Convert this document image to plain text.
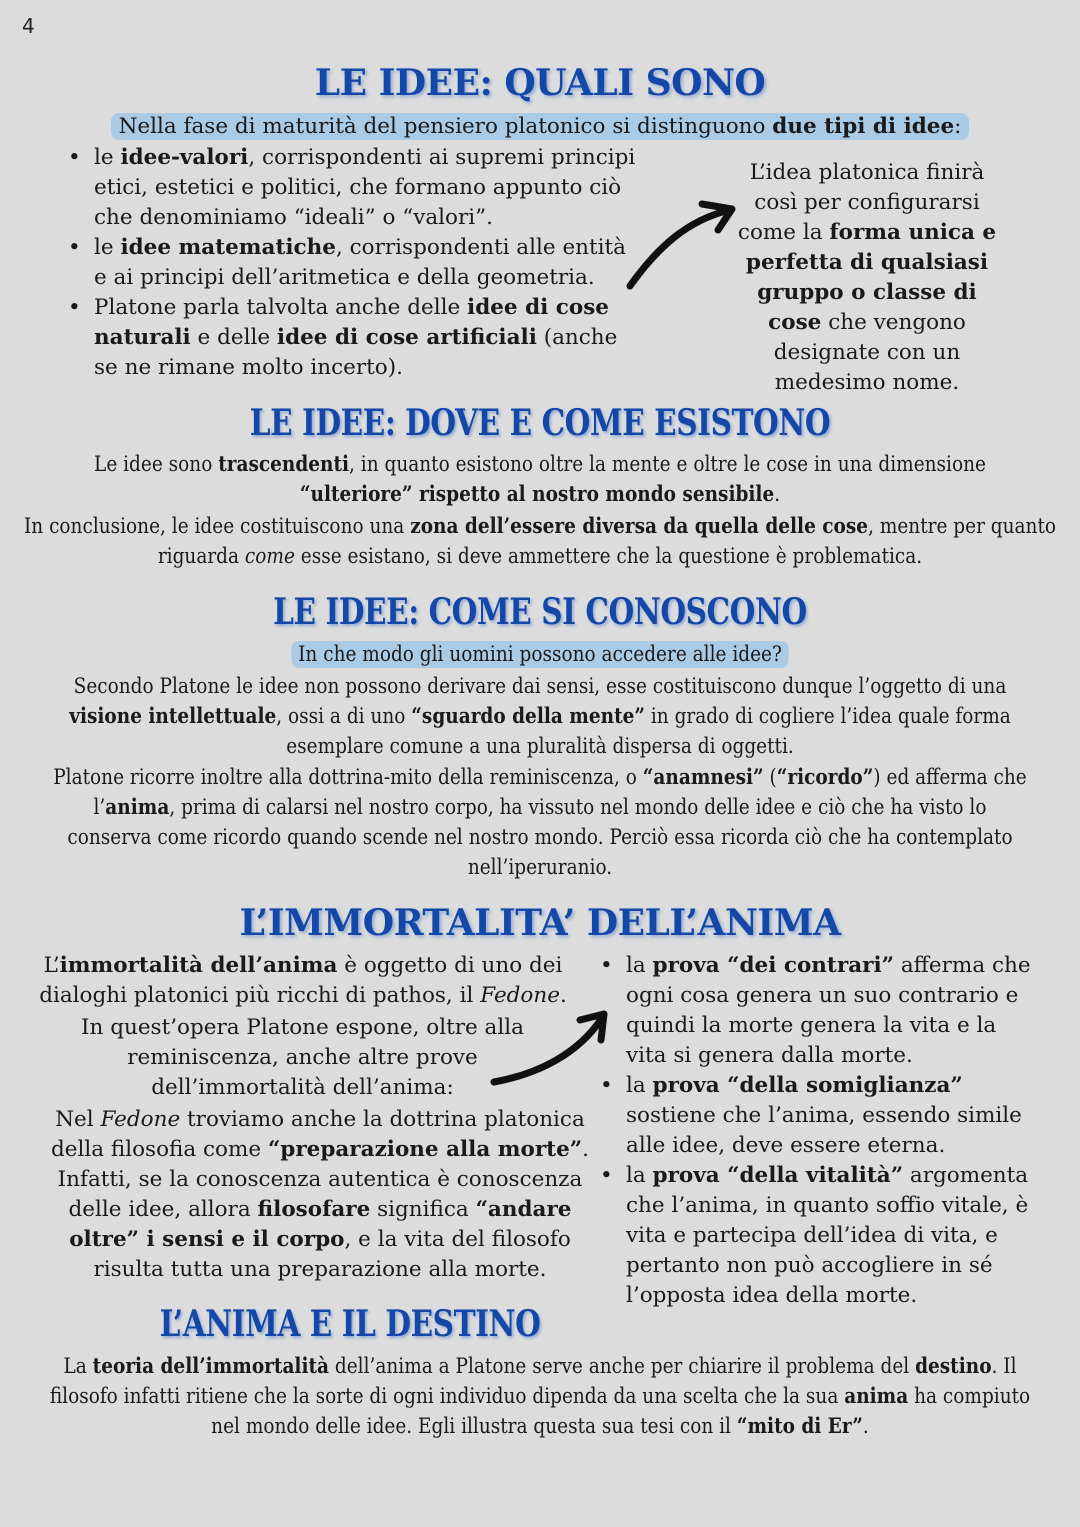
4
LE IDEE: QUALI SONO
Nella fase di maturità del pensiero platonico si distinguono due tipi di idee:
• le idee-valori, corrispondenti ai supremi principi etici, estetici e politici, che formano appunto ciò che denominiamo “ideali” o “valori”.
• le idee matematiche, corrispondenti alle entità e ai principi dell’aritmetica e della geometria.
• Platone parla talvolta anche delle idee di cose naturali e delle idee di cose artificiali (anche se ne rimane molto incerto).
L’idea platonica finirà così per configurarsi come la forma unica e perfetta di qualsiasi gruppo o classe di cose che vengono designate con un medesimo nome.
LE IDEE: DOVE E COME ESISTONO
Le idee sono trascendenti, in quanto esistono oltre la mente e oltre le cose in una dimensione “ulteriore” rispetto al nostro mondo sensibile.
In conclusione, le idee costituiscono una zona dell’essere diversa da quella delle cose, mentre per quanto riguarda come esse esistano, si deve ammettere che la questione è problematica.
LE IDEE: COME SI CONOSCONO
In che modo gli uomini possono accedere alle idee?
Secondo Platone le idee non possono derivare dai sensi, esse costituiscono dunque l’oggetto di una visione intellettuale, ossi a di uno “sguardo della mente” in grado di cogliere l’idea quale forma esemplare comune a una pluralità dispersa di oggetti.
Platone ricorre inoltre alla dottrina-mito della reminiscenza, o “anamnesi” (“ricordo”) ed afferma che l’anima, prima di calarsi nel nostro corpo, ha vissuto nel mondo delle idee e ciò che ha visto lo conserva come ricordo quando scende nel nostro mondo. Perciò essa ricorda ciò che ha contemplato nell’iperuranio.
L’IMMORTALITA’ DELL’ANIMA
L’immortalità dell’anima è oggetto di uno dei dialoghi platonici più ricchi di pathos, il Fedone.
In quest’opera Platone espone, oltre alla reminiscenza, anche altre prove dell’immortalità dell’anima:
Nel Fedone troviamo anche la dottrina platonica della filosofia come “preparazione alla morte”. Infatti, se la conoscenza autentica è conoscenza delle idee, allora filosofare significa “andare oltre” i sensi e il corpo, e la vita del filosofo risulta tutta una preparazione alla morte.
• la prova “dei contrari” afferma che ogni cosa genera un suo contrario e quindi la morte genera la vita e la vita si genera dalla morte.
• la prova “della somiglianza” sostiene che l’anima, essendo simile alle idee, deve essere eterna.
• la prova “della vitalità” argomenta che l’anima, in quanto soffio vitale, è vita e partecipa dell’idea di vita, e pertanto non può accogliere in sé l’opposta idea della morte.
L’ANIMA E IL DESTINO
La teoria dell’immortalità dell’anima a Platone serve anche per chiarire il problema del destino. Il filosofo infatti ritiene che la sorte di ogni individuo dipenda da una scelta che la sua anima ha compiuto nel mondo delle idee. Egli illustra questa sua tesi con il “mito di Er”.
